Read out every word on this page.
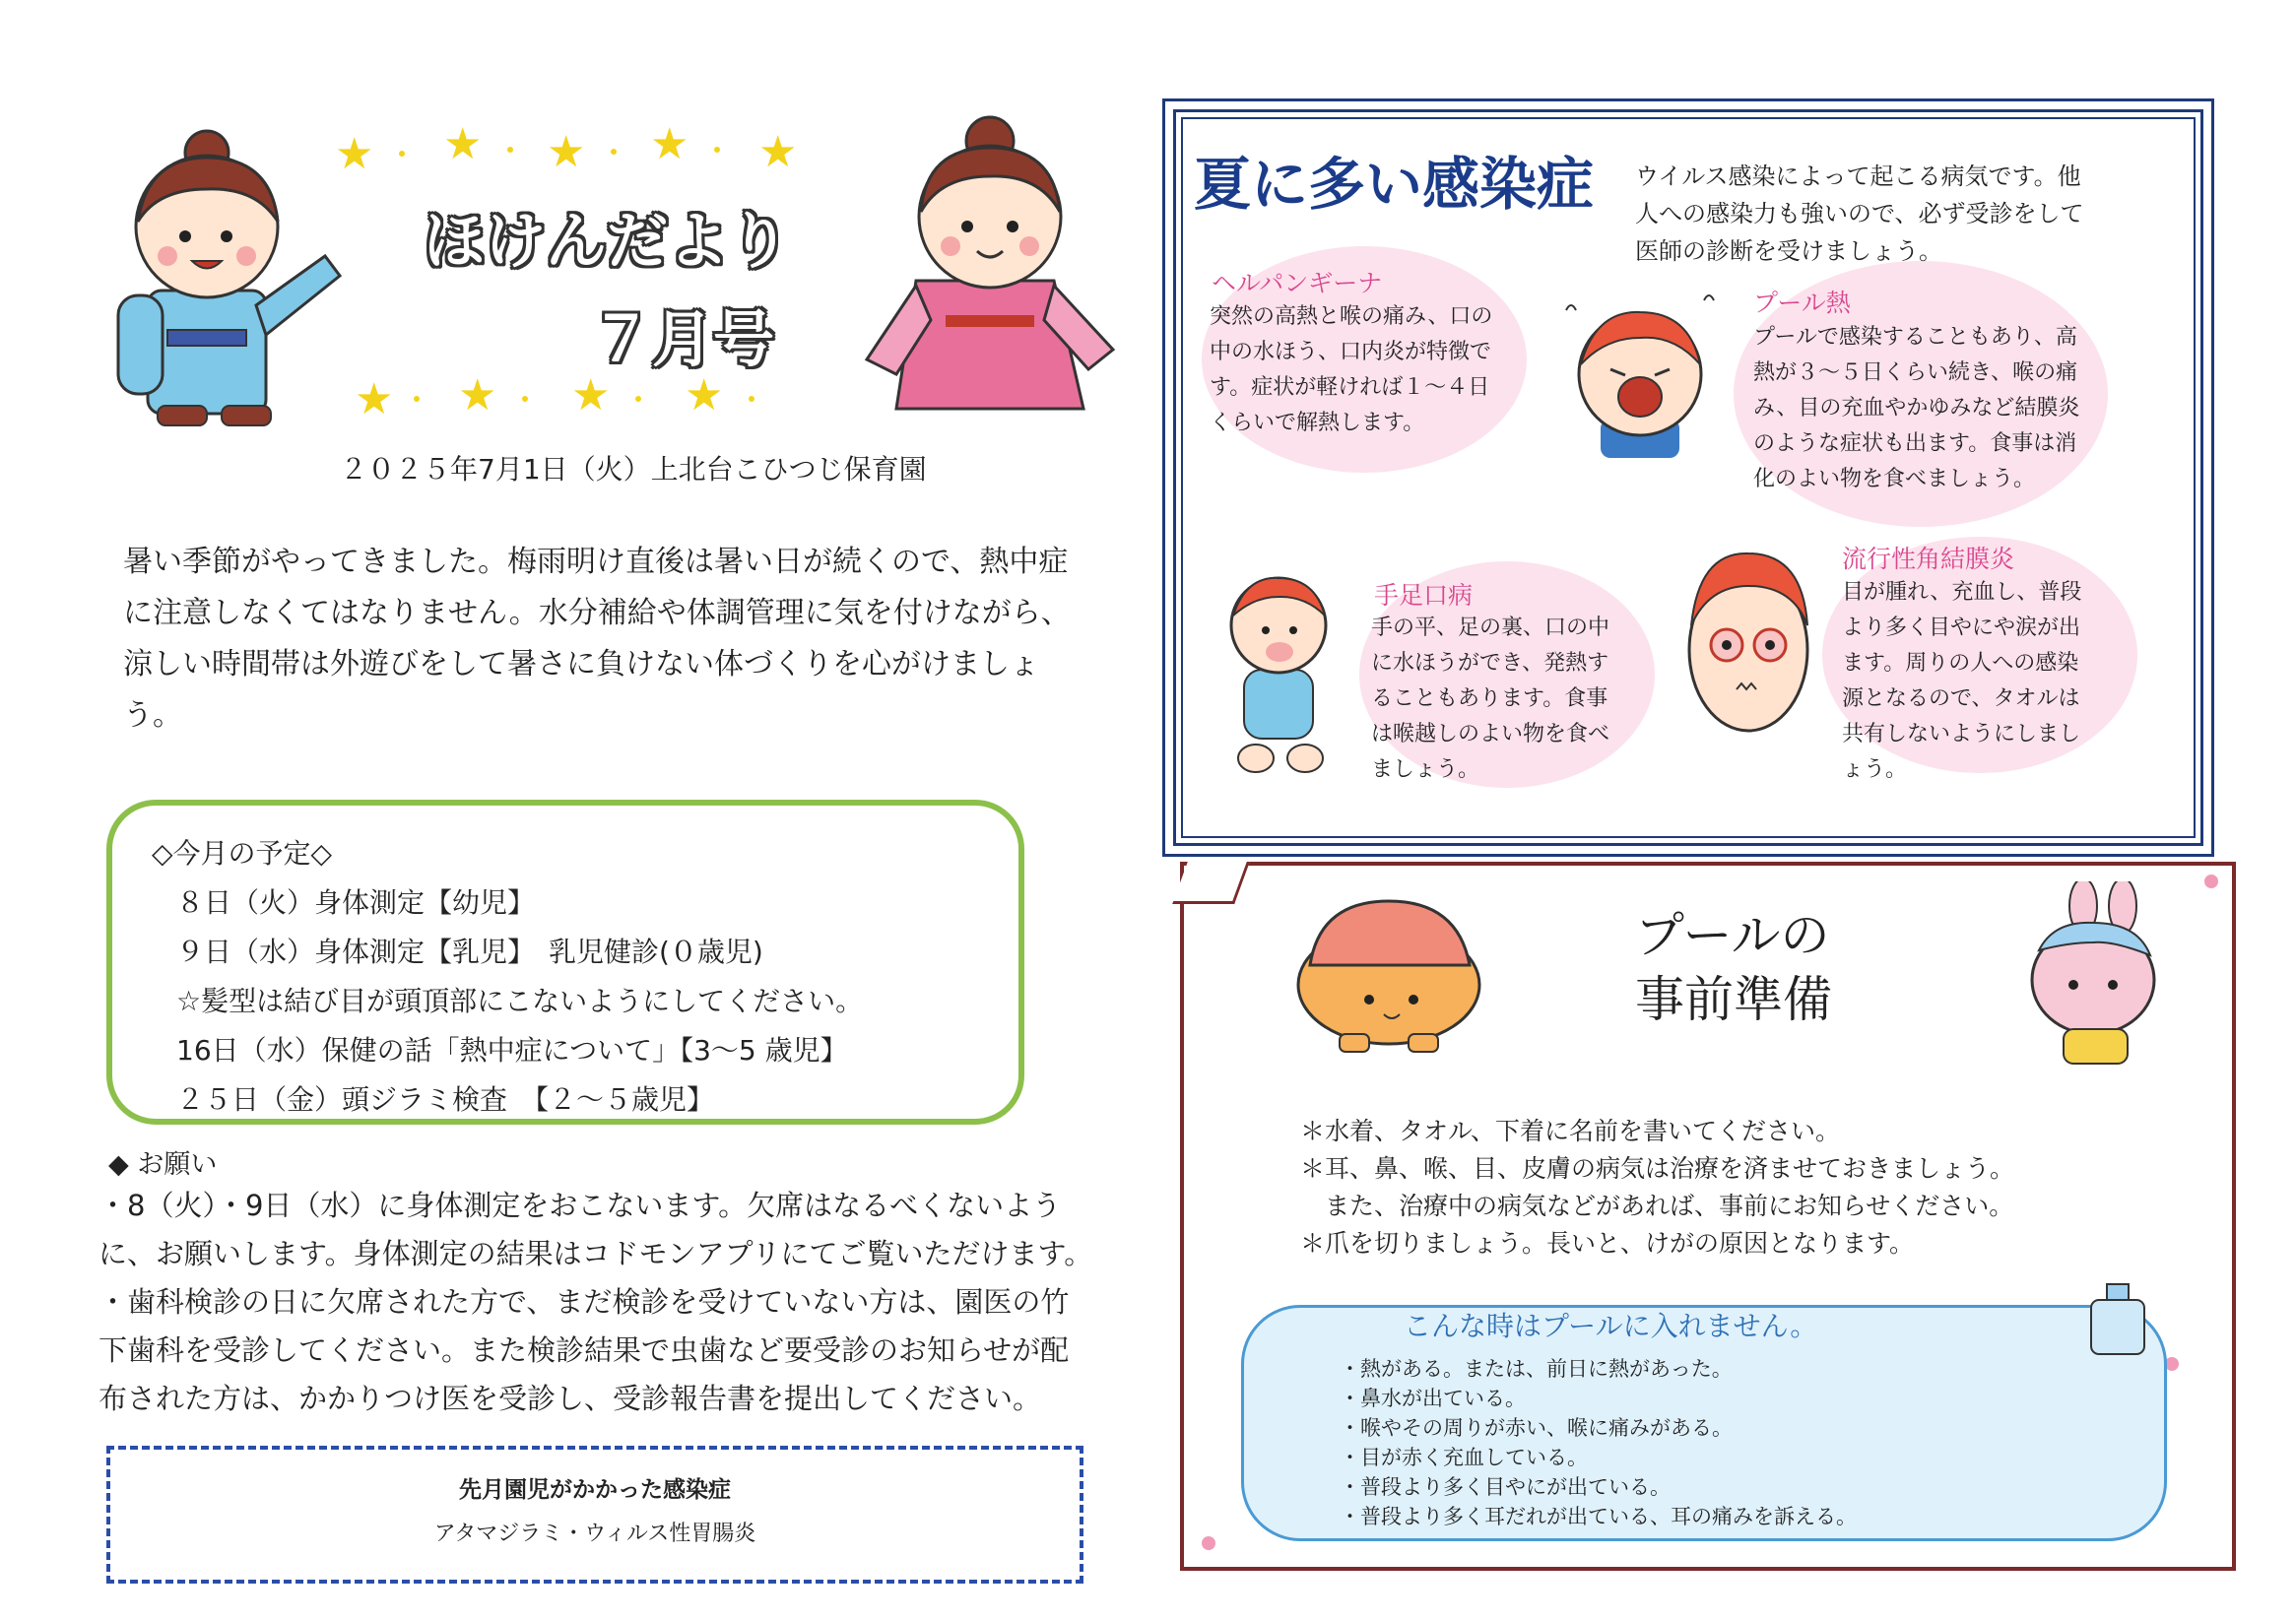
★ ★ ★ ★ ★
ほけんだより
７月号
★ ★ ★ ★
２０２５年7月1日（火）上北台こひつじ保育園
暑い季節がやってきました。梅雨明け直後は暑い日が続くので、熱中症
に注意しなくてはなりません。水分補給や体調管理に気を付けながら、
涼しい時間帯は外遊びをして暑さに負けない体づくりを心がけましょ
う。
◇今月の予定◇
８日（火）身体測定【幼児】
９日（水）身体測定【乳児】　乳児健診(０歳児)
☆髪型は結び目が頭頂部にこないようにしてください。
16日（水）保健の話「熱中症について」【3～5 歳児】
２５日（金）頭ジラミ検査　【２～５歳児】
◆ お願い
・8（火）・9日（水）に身体測定をおこないます。欠席はなるべくないよう
に、お願いします。身体測定の結果はコドモンアプリにてご覧いただけます。
・歯科検診の日に欠席された方で、まだ検診を受けていない方は、園医の竹
下歯科を受診してください。また検診結果で虫歯など要受診のお知らせが配
布された方は、かかりつけ医を受診し、受診報告書を提出してください。
先月園児がかかった感染症
アタマジラミ・ウィルス性胃腸炎
夏に多い感染症 ウイルス感染によって起こる病気です。他
人への感染力も強いので、必ず受診をして
医師の診断を受けましょう。
ヘルパンギーナ
突然の高熱と喉の痛み、口の
中の水ほう、口内炎が特徴で
す。症状が軽ければ１～４日
くらいで解熱します。
プール熱
プールで感染することもあり、高
熱が３～５日くらい続き、喉の痛
み、目の充血やかゆみなど結膜炎
のような症状も出ます。食事は消
化のよい物を食べましょう。
手足口病
手の平、足の裏、口の中
に水ほうができ、発熱す
ることもあります。食事
は喉越しのよい物を食べ
ましょう。
流行性角結膜炎
目が腫れ、充血し、普段
より多く目やにや涙が出
ます。周りの人への感染
源となるので、タオルは
共有しないようにしまし
ょう。
プールの
事前準備
＊水着、タオル、下着に名前を書いてください。
＊耳、鼻、喉、目、皮膚の病気は治療を済ませておきましょう。
　また、治療中の病気などがあれば、事前にお知らせください。
＊爪を切りましょう。長いと、けがの原因となります。
こんな時はプールに入れません。
・熱がある。または、前日に熱があった。
・鼻水が出ている。
・喉やその周りが赤い、喉に痛みがある。
・目が赤く充血している。
・普段より多く目やにが出ている。
・普段より多く耳だれが出ている、耳の痛みを訴える。
